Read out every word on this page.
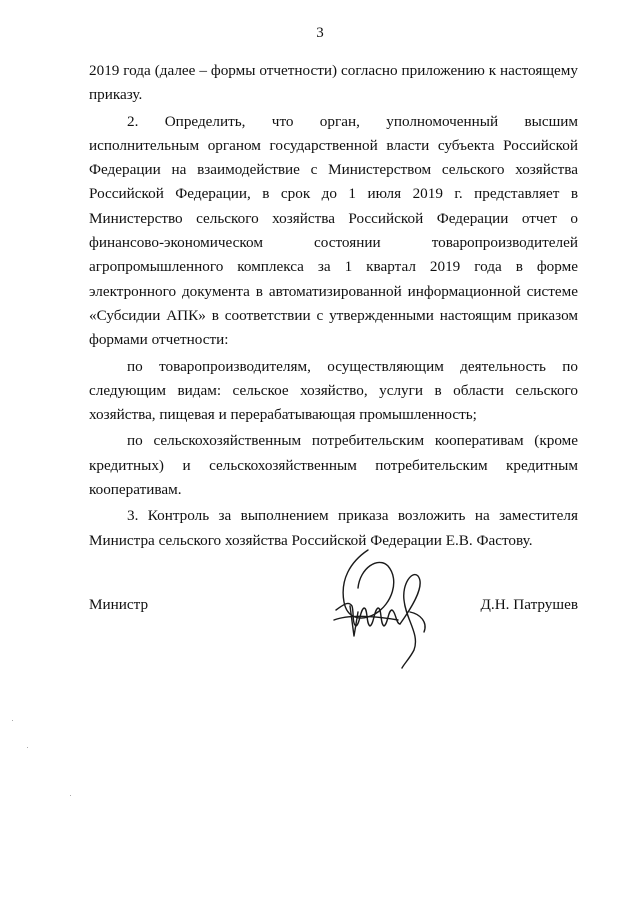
3

2019 года (далее – формы отчетности) согласно приложению к настоящему приказу.

2. Определить, что орган, уполномоченный высшим исполнительным органом государственной власти субъекта Российской Федерации на взаимодействие с Министерством сельского хозяйства Российской Федерации, в срок до 1 июля 2019 г. представляет в Министерство сельского хозяйства Российской Федерации отчет о финансово-экономическом состоянии товаропроизводителей агропромышленного комплекса за 1 квартал 2019 года в форме электронного документа в автоматизированной информационной системе «Субсидии АПК» в соответствии с утвержденными настоящим приказом формами отчетности:

по товаропроизводителям, осуществляющим деятельность по следующим видам: сельское хозяйство, услуги в области сельского хозяйства, пищевая и перерабатывающая промышленность;

по сельскохозяйственным потребительским кооперативам (кроме кредитных) и сельскохозяйственным потребительским кредитным кооперативам.

3. Контроль за выполнением приказа возложить на заместителя Министра сельского хозяйства Российской Федерации Е.В. Фастову.

Министр	Д.Н. Патрушев
